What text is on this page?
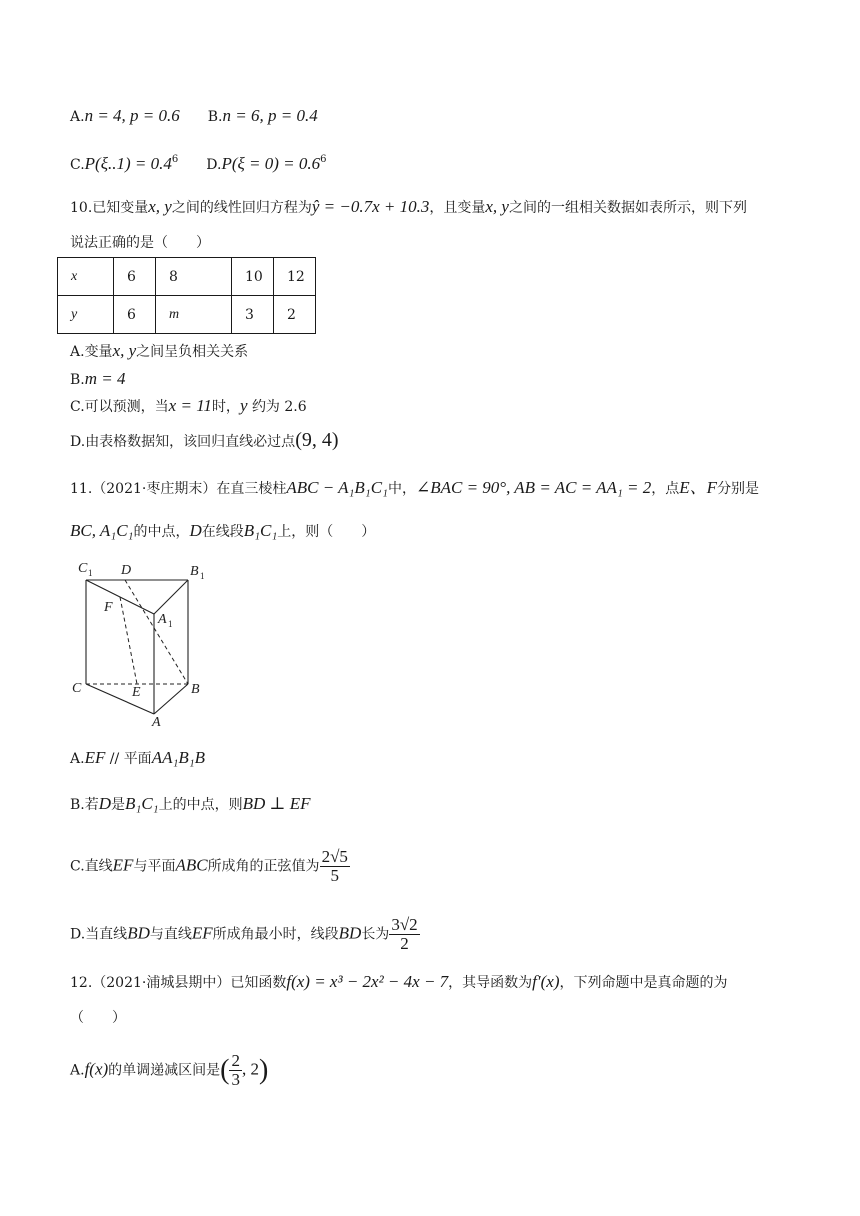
A.n = 4, p = 0.6 B.n = 6, p = 0.4
$C.P(\xi..1) = 0.4^6$ $D.P(\xi = 0) = 0.6^6$
10.已知变量x, y之间的线性回归方程为ŷ = −0.7x + 10.3，且变量x, y之间的一组相关数据如表所示，则下列
说法正确的是（　　）
x	6	8	10	12
y	6	m	3	2
A.变量x, y之间呈负相关关系
B.m = 4
C.可以预测，当x = 11时，y 约为 2.6
D.由表格数据知，该回归直线必过点(9, 4)
11.（2021·枣庄期末）在直三棱柱ABC − A₁B₁C₁中，∠BAC = 90°, AB = AC = AA₁ = 2，点E、F分别是
BC, A₁C₁的中点，D在线段B₁C₁上，则（　　）
C 1 D	B 1
F
A 1
C	E	B
A
A.EF // 平面AA₁B₁B
B.若D是B₁C₁上的中点，则BD ⊥ EF
C.直线EF与平面ABC所成角的正弦值为 $\frac{2√5}{5}$
D.当直线BD与直线EF所成角最小时，线段BD长为 $\frac{3√2}{2}$
12.（2021·浦城县期中）已知函数f(x) = x³ − 2x² − 4x − 7，其导函数为f′(x)，下列命题中是真命题的为
（　　）
A.f(x)的单调递减区间是( $\frac{2}{3}$ , 2)
